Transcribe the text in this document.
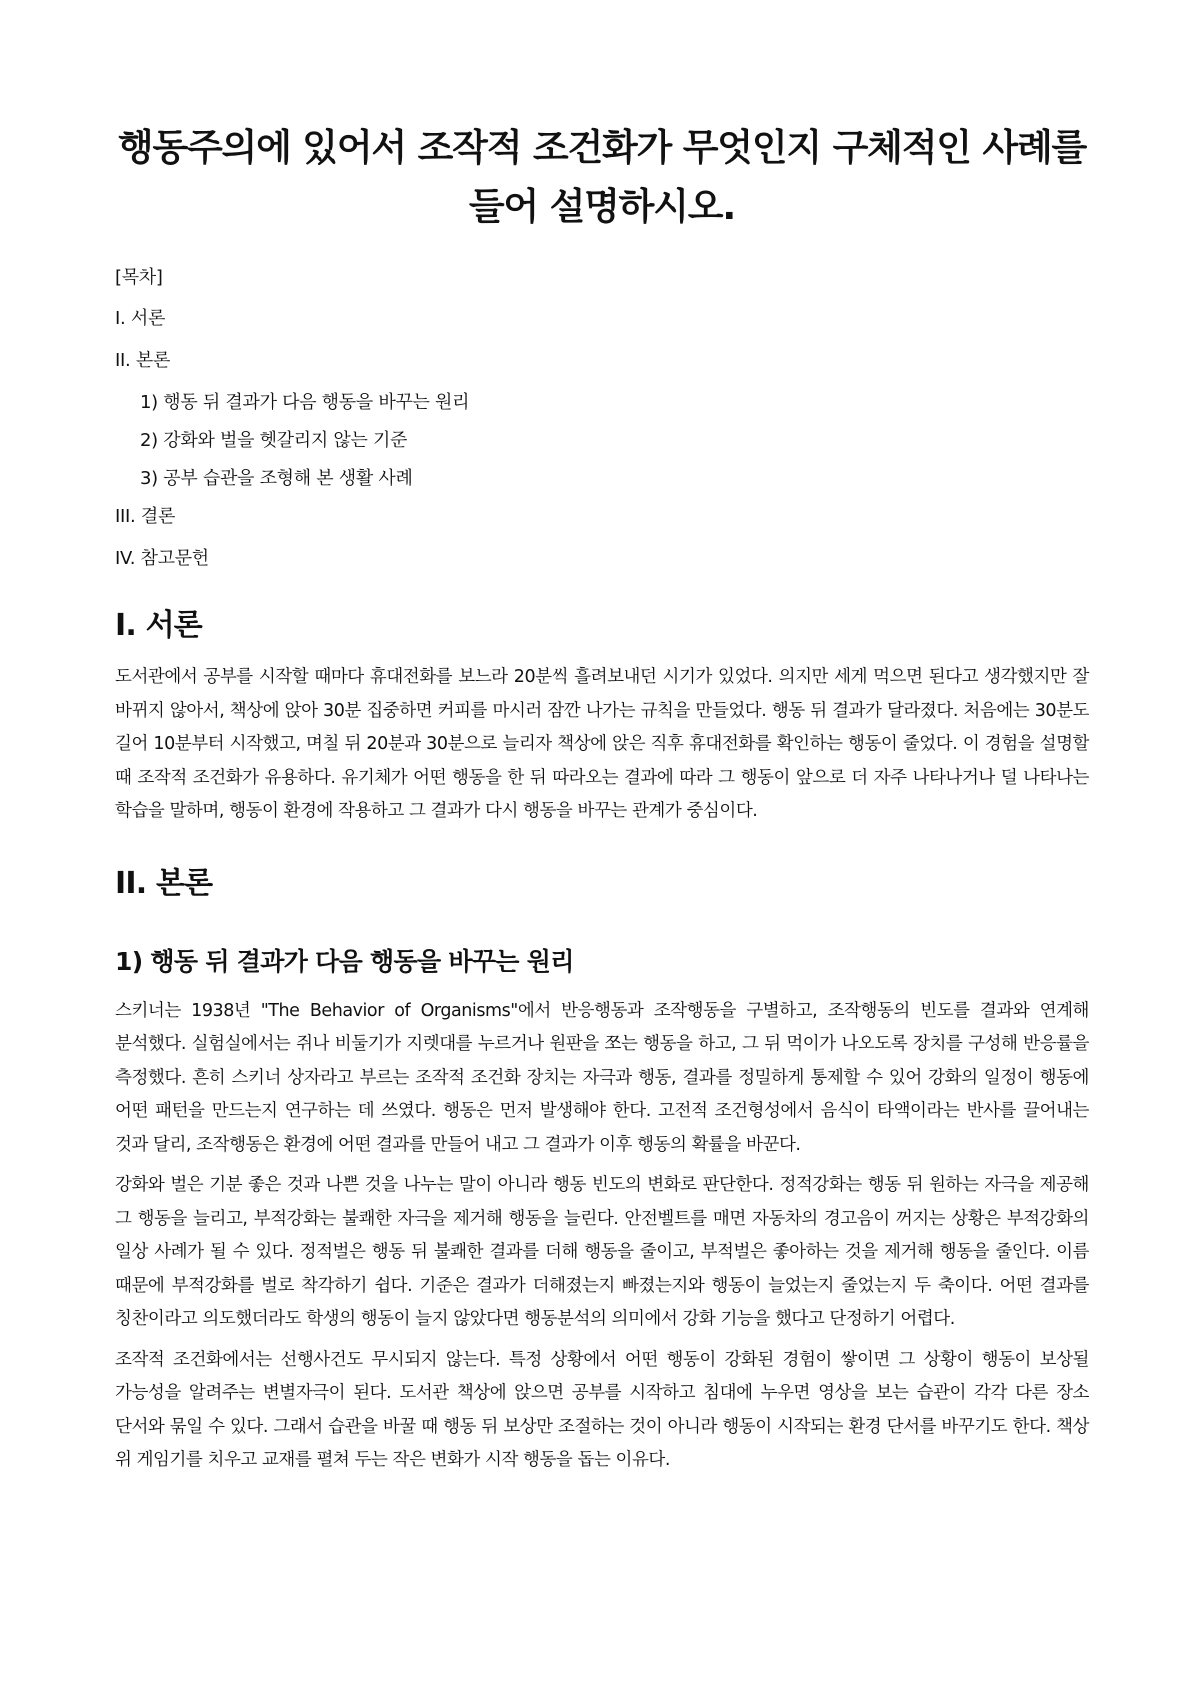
행동주의에 있어서 조작적 조건화가 무엇인지 구체적인 사례를 들어 설명하시오.
[목차]
I. 서론
II. 본론
1) 행동 뒤 결과가 다음 행동을 바꾸는 원리
2) 강화와 벌을 헷갈리지 않는 기준
3) 공부 습관을 조형해 본 생활 사례
III. 결론
IV. 참고문헌
I. 서론

도서관에서 공부를 시작할 때마다 휴대전화를 보느라 20분씩 흘려보내던 시기가 있었다. 의지만 세게 먹으면 된다고 생각했지만 잘 바뀌지 않아서, 책상에 앉아 30분 집중하면 커피를 마시러 잠깐 나가는 규칙을 만들었다. 행동 뒤 결과가 달라졌다. 처음에는 30분도 길어 10분부터 시작했고, 며칠 뒤 20분과 30분으로 늘리자 책상에 앉은 직후 휴대전화를 확인하는 행동이 줄었다. 이 경험을 설명할 때 조작적 조건화가 유용하다. 유기체가 어떤 행동을 한 뒤 따라오는 결과에 따라 그 행동이 앞으로 더 자주 나타나거나 덜 나타나는 학습을 말하며, 행동이 환경에 작용하고 그 결과가 다시 행동을 바꾸는 관계가 중심이다.

II. 본론
1) 행동 뒤 결과가 다음 행동을 바꾸는 원리

스키너는 1938년 "The Behavior of Organisms"에서 반응행동과 조작행동을 구별하고, 조작행동의 빈도를 결과와 연계해 분석했다. 실험실에서는 쥐나 비둘기가 지렛대를 누르거나 원판을 쪼는 행동을 하고, 그 뒤 먹이가 나오도록 장치를 구성해 반응률을 측정했다. 흔히 스키너 상자라고 부르는 조작적 조건화 장치는 자극과 행동, 결과를 정밀하게 통제할 수 있어 강화의 일정이 행동에 어떤 패턴을 만드는지 연구하는 데 쓰였다. 행동은 먼저 발생해야 한다. 고전적 조건형성에서 음식이 타액이라는 반사를 끌어내는 것과 달리, 조작행동은 환경에 어떤 결과를 만들어 내고 그 결과가 이후 행동의 확률을 바꾼다.

강화와 벌은 기분 좋은 것과 나쁜 것을 나누는 말이 아니라 행동 빈도의 변화로 판단한다. 정적강화는 행동 뒤 원하는 자극을 제공해 그 행동을 늘리고, 부적강화는 불쾌한 자극을 제거해 행동을 늘린다. 안전벨트를 매면 자동차의 경고음이 꺼지는 상황은 부적강화의 일상 사례가 될 수 있다. 정적벌은 행동 뒤 불쾌한 결과를 더해 행동을 줄이고, 부적벌은 좋아하는 것을 제거해 행동을 줄인다. 이름 때문에 부적강화를 벌로 착각하기 쉽다. 기준은 결과가 더해졌는지 빠졌는지와 행동이 늘었는지 줄었는지 두 축이다. 어떤 결과를 칭찬이라고 의도했더라도 학생의 행동이 늘지 않았다면 행동분석의 의미에서 강화 기능을 했다고 단정하기 어렵다.

조작적 조건화에서는 선행사건도 무시되지 않는다. 특정 상황에서 어떤 행동이 강화된 경험이 쌓이면 그 상황이 행동이 보상될 가능성을 알려주는 변별자극이 된다. 도서관 책상에 앉으면 공부를 시작하고 침대에 누우면 영상을 보는 습관이 각각 다른 장소 단서와 묶일 수 있다. 그래서 습관을 바꿀 때 행동 뒤 보상만 조절하는 것이 아니라 행동이 시작되는 환경 단서를 바꾸기도 한다. 책상 위 게임기를 치우고 교재를 펼쳐 두는 작은 변화가 시작 행동을 돕는 이유다.
